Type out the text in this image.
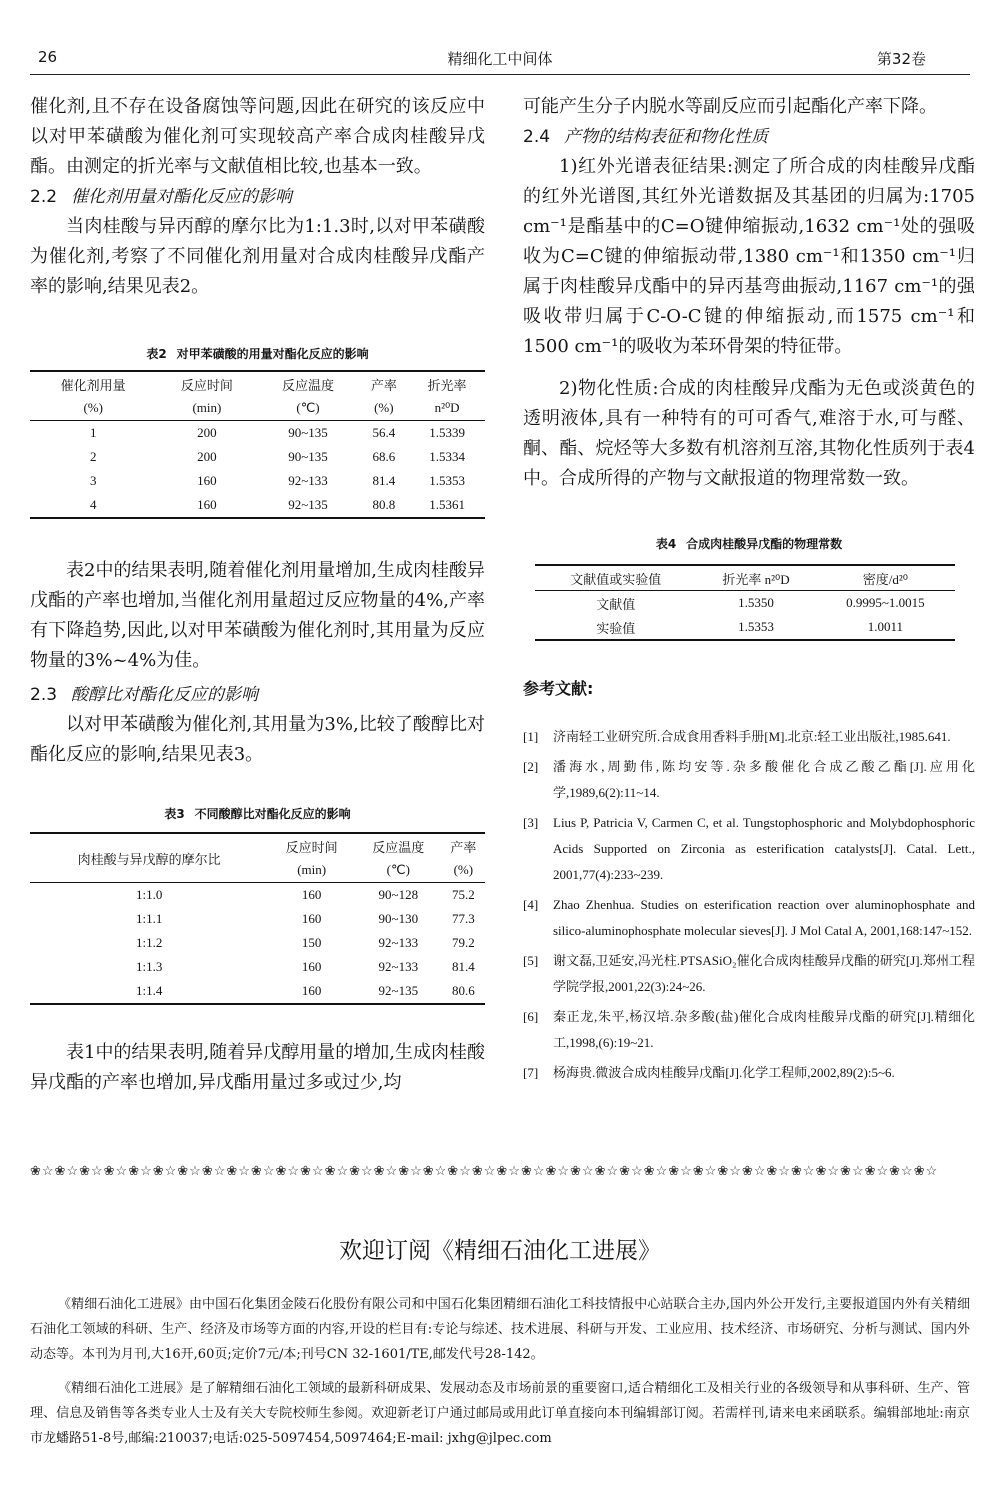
26	精细化工中间体	第32卷

催化剂,且不存在设备腐蚀等问题,因此在研究的该反应中以对甲苯磺酸为催化剂可实现较高产率合成肉桂酸异戊酯。由测定的折光率与文献值相比较,也基本一致。

2.2 催化剂用量对酯化反应的影响

当肉桂酸与异丙醇的摩尔比为1:1.3时,以对甲苯磺酸为催化剂,考察了不同催化剂用量对合成肉桂酸异戊酯产率的影响,结果见表2。

表2 对甲苯磺酸的用量对酯化反应的影响
催化剂用量	反应时间	反应温度	产率	折光率
(%)	(min)	(℃)	(%)	n²⁰D
1	200	90~135	56.4	1.5339
2	200	90~135	68.6	1.5334
3	160	92~133	81.4	1.5353
4	160	92~135	80.8	1.5361

表2中的结果表明,随着催化剂用量增加,生成肉桂酸异戊酯的产率也增加,当催化剂用量超过反应物量的4%,产率有下降趋势,因此,以对甲苯磺酸为催化剂时,其用量为反应物量的3%~4%为佳。

2.3 酸醇比对酯化反应的影响

以对甲苯磺酸为催化剂,其用量为3%,比较了酸醇比对酯化反应的影响,结果见表3。

表3 不同酸醇比对酯化反应的影响
肉桂酸与异戊醇的摩尔比	反应时间	反应温度	产率
	(min)	(℃)	(%)
1:1.0	160	90~128	75.2
1:1.1	160	90~130	77.3
1:1.2	150	92~133	79.2
1:1.3	160	92~133	81.4
1:1.4	160	92~135	80.6

表1中的结果表明,随着异戊醇用量的增加,生成肉桂酸异戊酯的产率也增加,异戊酯用量过多或过少,均

可能产生分子内脱水等副反应而引起酯化产率下降。

2.4 产物的结构表征和物化性质

1)红外光谱表征结果:测定了所合成的肉桂酸异戊酯的红外光谱图,其红外光谱数据及其基团的归属为:1705 cm⁻¹是酯基中的C=O键伸缩振动,1632 cm⁻¹处的强吸收为C=C键的伸缩振动带,1380 cm⁻¹和1350 cm⁻¹归属于肉桂酸异戊酯中的异丙基弯曲振动,1167 cm⁻¹的强吸收带归属于C-O-C键的伸缩振动,而1575 cm⁻¹和1500 cm⁻¹的吸收为苯环骨架的特征带。

2)物化性质:合成的肉桂酸异戊酯为无色或淡黄色的透明液体,具有一种特有的可可香气,难溶于水,可与醛、酮、酯、烷烃等大多数有机溶剂互溶,其物化性质列于表4中。合成所得的产物与文献报道的物理常数一致。

表4 合成肉桂酸异戊酯的物理常数
文献值或实验值	折光率 n²⁰D	密度/d²⁰
文献值	1.5350	0.9995~1.0015
实验值	1.5353	1.0011
参考文献:
[1] 济南轻工业研究所.合成食用香料手册[M].北京:轻工业出版社,1985.641.
[2] 潘海水,周勤伟,陈均安等.杂多酸催化合成乙酸乙酯[J].应用化学,1989,6(2):11~14.
[3] Lius P, Patricia V, Carmen C, et al. Tungstophosphoric and Molybdophosphoric Acids Supported on Zirconia as esterification catalysts[J]. Catal. Lett., 2001,77(4):233~239.
[4] Zhao Zhenhua. Studies on esterification reaction over aluminophosphate and silico-aluminophosphate molecular sieves[J]. J Mol Catal A, 2001,168:147~152.
[5] 谢文磊,卫延安,冯光柱.PTSASiO₂催化合成肉桂酸异戊酯的研究[J].郑州工程学院学报,2001,22(3):24~26.
[6] 秦正龙,朱平,杨汉培.杂多酸(盐)催化合成肉桂酸异戊酯的研究[J].精细化工,1998,(6):19~21.
[7] 杨海贵.微波合成肉桂酸异戊酯[J].化学工程师,2002,89(2):5~6.
❀☆❀☆❀☆❀☆❀☆❀☆❀☆❀☆❀☆❀☆❀☆❀☆❀☆❀☆❀☆❀☆❀☆❀☆❀☆❀☆❀☆❀☆❀☆❀☆❀☆❀☆❀☆❀☆❀☆❀☆❀☆❀☆❀☆❀☆❀☆❀☆❀☆
欢迎订阅《精细石油化工进展》

《精细石油化工进展》由中国石化集团金陵石化股份有限公司和中国石化集团精细石油化工科技情报中心站联合主办,国内外公开发行,主要报道国内外有关精细石油化工领域的科研、生产、经济及市场等方面的内容,开设的栏目有:专论与综述、技术进展、科研与开发、工业应用、技术经济、市场研究、分析与测试、国内外动态等。本刊为月刊,大16开,60页;定价7元/本;刊号CN 32-1601/TE,邮发代号28-142。

《精细石油化工进展》是了解精细石油化工领域的最新科研成果、发展动态及市场前景的重要窗口,适合精细化工及相关行业的各级领导和从事科研、生产、管理、信息及销售等各类专业人士及有关大专院校师生参阅。欢迎新老订户通过邮局或用此订单直接向本刊编辑部订阅。若需样刊,请来电来函联系。编辑部地址:南京市龙蟠路51-8号,邮编:210037;电话:025-5097454,5097464;E-mail: jxhg@jlpec.com
